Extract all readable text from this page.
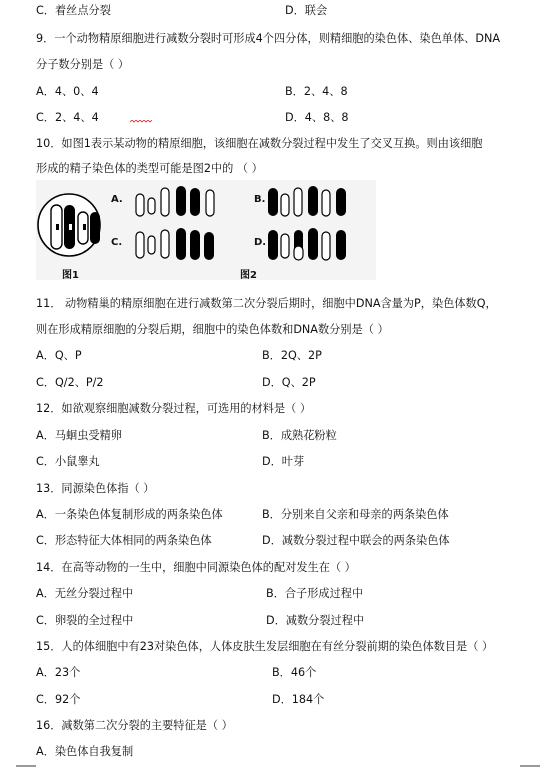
C．着丝点分裂	D．联会
9．一个动物精原细胞进行减数分裂时可形成4个四分体，则精细胞的染色体、染色单体、DNA
分子数分别是（ ）
A．4、0、4	B．2、4、8
C．2、4、4	D．4、8、8
10．如图1表示某动物的精原细胞，该细胞在减数分裂过程中发生了交叉互换。则由该细胞
形成的精子染色体的类型可能是图2中的 （ ）
A.	B.
C.	D.
图1	图2
11． 动物精巢的精原细胞在进行减数第二次分裂后期时，细胞中DNA含量为P，染色体数Q，
则在形成精原细胞的分裂后期，细胞中的染色体数和DNA数分别是（ ）
A．Q、P	B．2Q、2P
C．Q/2、P/2	D．Q、2P
12．如欲观察细胞减数分裂过程，可选用的材料是（ ）
A．马蛔虫受精卵	B．成熟花粉粒
C．小鼠睾丸	D．叶芽
13．同源染色体指（ ）
A．一条染色体复制形成的两条染色体	B．分别来自父亲和母亲的两条染色体
C．形态特征大体相同的两条染色体	D．减数分裂过程中联会的两条染色体
14．在高等动物的一生中，细胞中同源染色体的配对发生在（ ）
A．无丝分裂过程中	B．合子形成过程中
C．卵裂的全过程中	D．减数分裂过程中
15．人的体细胞中有23对染色体，人体皮肤生发层细胞在有丝分裂前期的染色体数目是（ ）
A．23个	B．46个
C．92个	D．184个
16．减数第二次分裂的主要特征是（ ）
A．染色体自我复制
